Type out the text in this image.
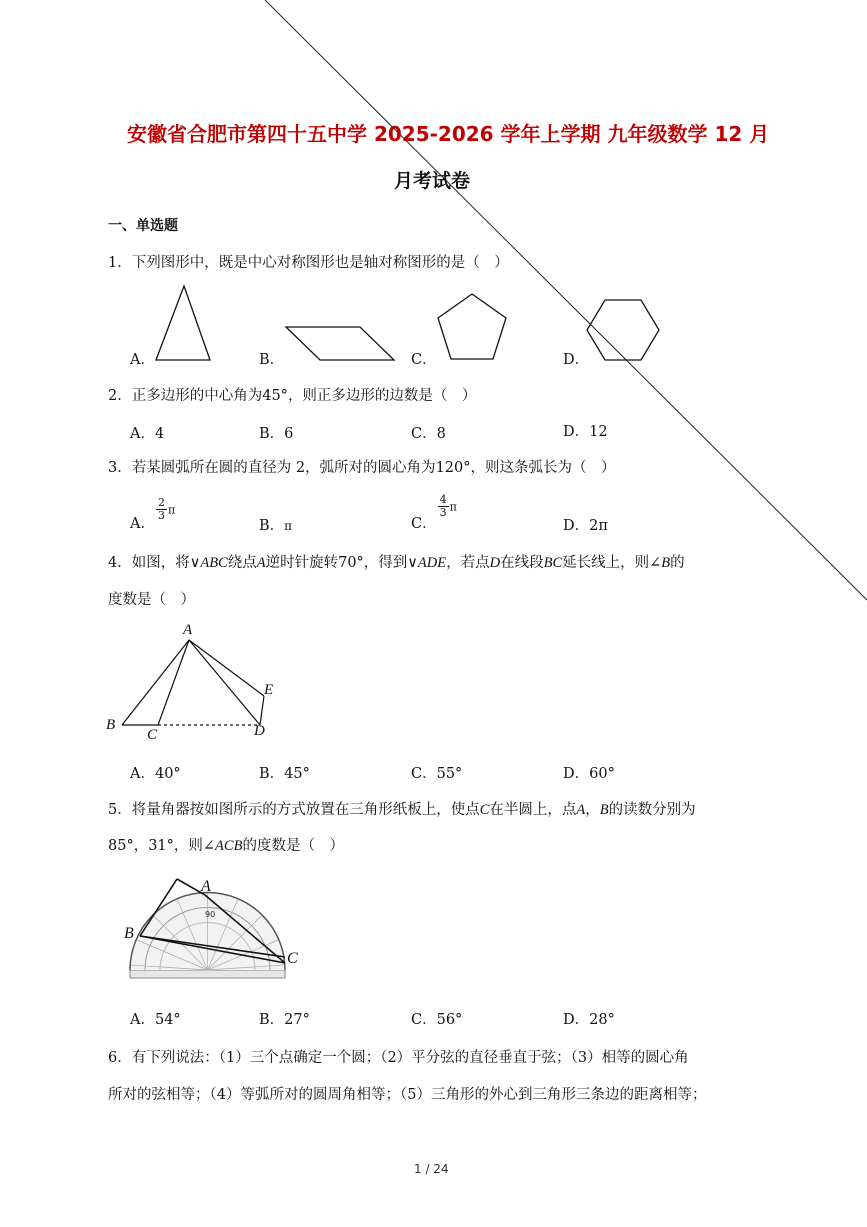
安徽省合肥市第四十五中学 2025-2026 学年上学期 九年级数学 12 月
月考试卷
一、单选题
1．下列图形中，既是中心对称图形也是轴对称图形的是（　）
A．	B．	C．	D．
2．正多边形的中心角为45°，则正多边形的边数是（　）
A．4	B．6	C．8	D．12
3．若某圆弧所在圆的直径为 2，弧所对的圆心角为120°，则这条弧长为（　）
A．
$\frac{2}{3}$ π
B．π	C．
$\frac{4}{3}$ π
D．2π
4．如图，将∨ABC绕点A逆时针旋转70°，得到∨ADE，若点D在线段BC延长线上，则∠B的
度数是（　）
A
B
C	D
E
A．40°	B．45°	C．55°	D．60°
5．将量角器按如图所示的方式放置在三角形纸板上，使点C在半圆上，点A，B的读数分别为
85°，31°，则∠ACB的度数是（　）
90
A
B
C
A．54°	B．27°	C．56°	D．28°
6．有下列说法：（1）三个点确定一个圆；（2）平分弦的直径垂直于弦；（3）相等的圆心角
所对的弦相等；（4）等弧所对的圆周角相等；（5）三角形的外心到三角形三条边的距离相等；
1 / 24
